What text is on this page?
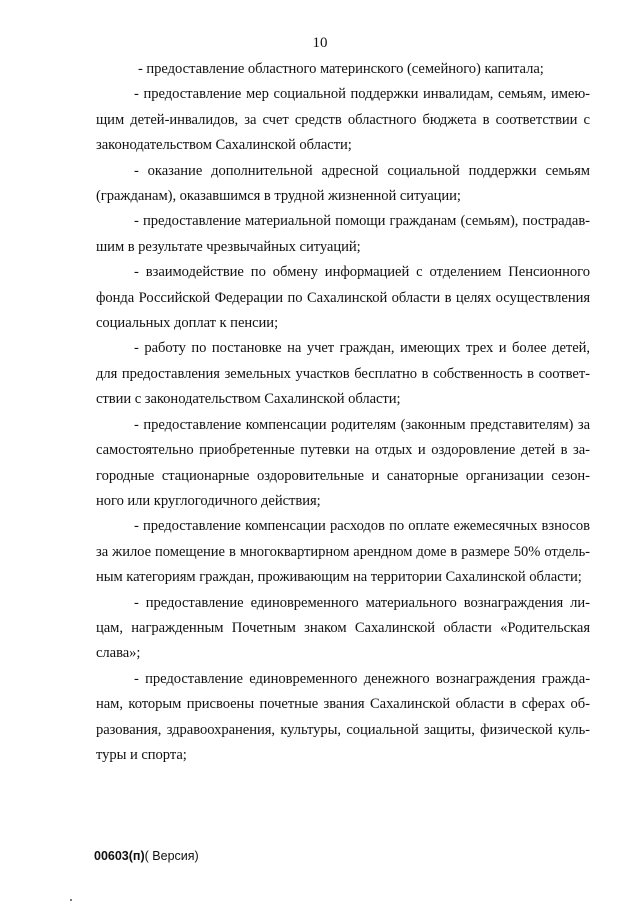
10

- предоставление областного материнского (семейного) капитала;

- предоставление мер социальной поддержки инвалидам, семьям, имею-щим детей-инвалидов, за счет средств областного бюджета в соответствии с законодательством Сахалинской области;

- оказание дополнительной адресной социальной поддержки семьям (гражданам), оказавшимся в трудной жизненной ситуации;

- предоставление материальной помощи гражданам (семьям), пострадав-шим в результате чрезвычайных ситуаций;

- взаимодействие по обмену информацией с отделением Пенсионного фонда Российской Федерации по Сахалинской области в целях осуществления социальных доплат к пенсии;

- работу по постановке на учет граждан, имеющих трех и более детей, для предоставления земельных участков бесплатно в собственность в соответ-ствии с законодательством Сахалинской области;

- предоставление компенсации родителям (законным представителям) за самостоятельно приобретенные путевки на отдых и оздоровление детей в за-городные стационарные оздоровительные и санаторные организации сезон-ного или круглогодичного действия;

- предоставление компенсации расходов по оплате ежемесячных взносов за жилое помещение в многоквартирном арендном доме в размере 50% отдель-ным категориям граждан, проживающим на территории Сахалинской области;

- предоставление единовременного материального вознаграждения ли-цам, награжденным Почетным знаком Сахалинской области «Родительская слава»;

- предоставление единовременного денежного вознаграждения гражда-нам, которым присвоены почетные звания Сахалинской области в сферах об-разования, здравоохранения, культуры, социальной защиты, физической куль-туры и спорта;

00603(п)( Версия)
